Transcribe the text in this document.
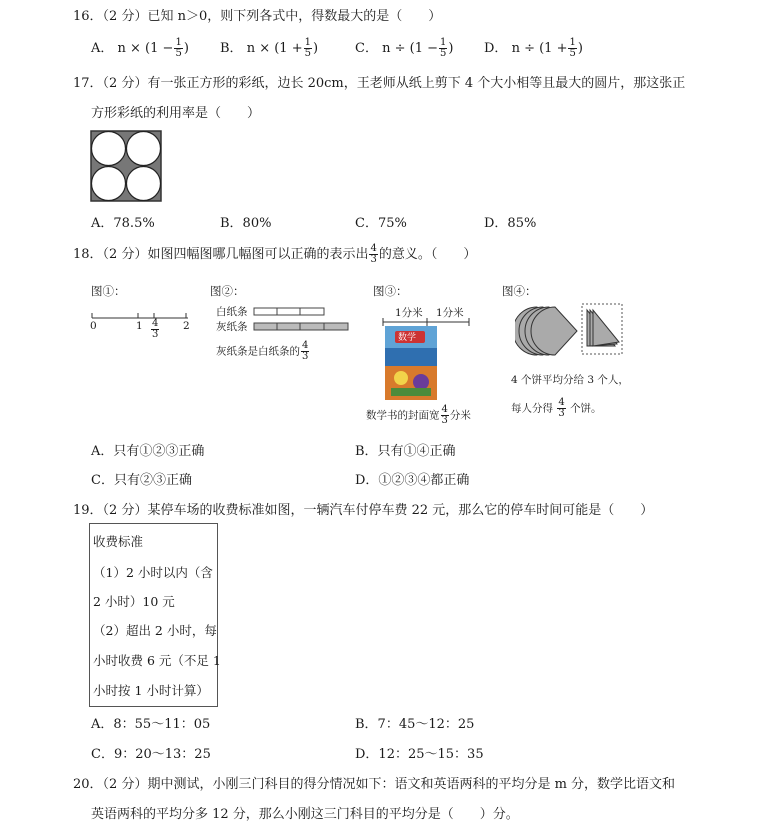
16．（2 分）已知 n＞0，则下列各式中，得数最大的是（　　）
A． $n \times (1 - \frac{1}{5}$ ) B． $n \times (1 + \frac{1}{5}$ )	C． $n \div (1 - \frac{1}{5}$ ) D． $n \div (1 + \frac{1}{5}$ )
17．（2 分）有一张正方形的彩纸，边长 20cm，王老师从纸上剪下 4 个大小相等且最大的圆片，那这张正
方形彩纸的利用率是（　　）
A．78.5%	B．80%	C．75%	D．85%
18．（2 分）如图四幅图哪几幅图可以正确的表示出 $\frac{4}{3}$ 的意义。（　　）
图①：
0	1	2
$\frac{4}{3}$
图②：
白纸条
灰纸条
灰纸条是白纸条的 $\frac{4}{3}$
图③：
1分米 1分米
数学
数学书的封面宽 $\frac{4}{3}$ 分米
图④：
4 个饼平均分给 3 个人，
每人分得 $\frac{4}{3}$ 个饼。
A．只有①②③正确	B．只有①④正确
C．只有②③正确	D．①②③④都正确
19．（2 分）某停车场的收费标准如图，一辆汽车付停车费 22 元，那么它的停车时间可能是（　　）
收费标准
（1）2 小时以内（含
2 小时）10 元
（2）超出 2 小时，每
小时收费 6 元（不足 1
小时按 1 小时计算）
A．8：55～11：05	B．7：45～12：25
C．9：20～13：25	D．12：25～15：35
20．（2 分）期中测试，小刚三门科目的得分情况如下：语文和英语两科的平均分是 m 分，数学比语文和
英语两科的平均分多 12 分，那么小刚这三门科目的平均分是（　　）分。
